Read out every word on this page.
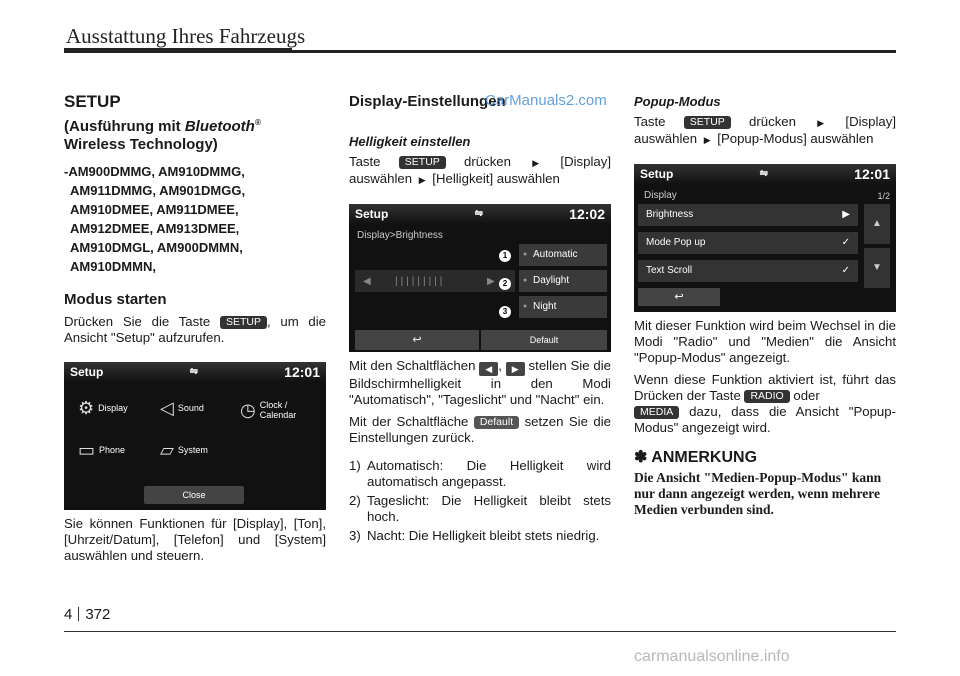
Ausstattung Ihres Fahrzeugs
SETUP
(Ausführung mit Bluetooth®
Wireless Technology)
-AM900DMMG, AM910DMMG,
AM911DMMG, AM901DMGG,
AM910DMEE, AM911DMEE,
AM912DMEE, AM913DMEE,
AM910DMGL, AM900DMMN,
AM910DMMN,
Modus starten
Drücken Sie die Taste SETUP , um die Ansicht "Setup" aufzurufen.
Setup	⇋	12:01
⚙ Display ◁ Sound ◷ Clock / Calendar
▭ Phone ▱ System
Close
Sie können Funktionen für [Display], [Ton], [Uhrzeit/Datum], [Telefon] und [System] auswählen und steuern.
Display-Einstellungen
Helligkeit einstellen
Taste SETUP drücken ▶ [Display] auswählen ▶ [Helligkeit] auswählen
Setup	⇋	12:02
Display>Brightness
◀ |||||||||	▶
● Automatic
● Daylight
● Night
1
2
3
↩	Default
Mit den Schaltflächen ◀ , ▶ stellen Sie die Bildschirmhelligkeit in den Modi "Automatisch", "Tageslicht" und "Nacht" ein.
Mit der Schaltfläche Default setzen Sie die Einstellungen zurück.
1) Automatisch: Die Helligkeit wird automatisch angepasst.
2) Tageslicht: Die Helligkeit bleibt stets hoch.
3) Nacht: Die Helligkeit bleibt stets niedrig.
Popup-Modus
Taste SETUP drücken ▶ [Display] auswählen ▶ [Popup-Modus] auswählen
Setup	⇋	12:01
Display	1/2
Brightness	▶
Mode Pop up	✓
Text Scroll	✓
▲
▼
↩
Mit dieser Funktion wird beim Wechsel in die Modi "Radio" und "Medien" die Ansicht "Popup-Modus" angezeigt.
Wenn diese Funktion aktiviert ist, führt das Drücken der Taste RADIO oder
MEDIA dazu, dass die Ansicht "Popup-Modus" angezeigt wird.
✽ ANMERKUNG
Die Ansicht "Medien-Popup-Modus" kann nur dann angezeigt werden, wenn mehrere Medien verbunden sind.
CarManuals2.com
4 372
carmanualsonline.info
